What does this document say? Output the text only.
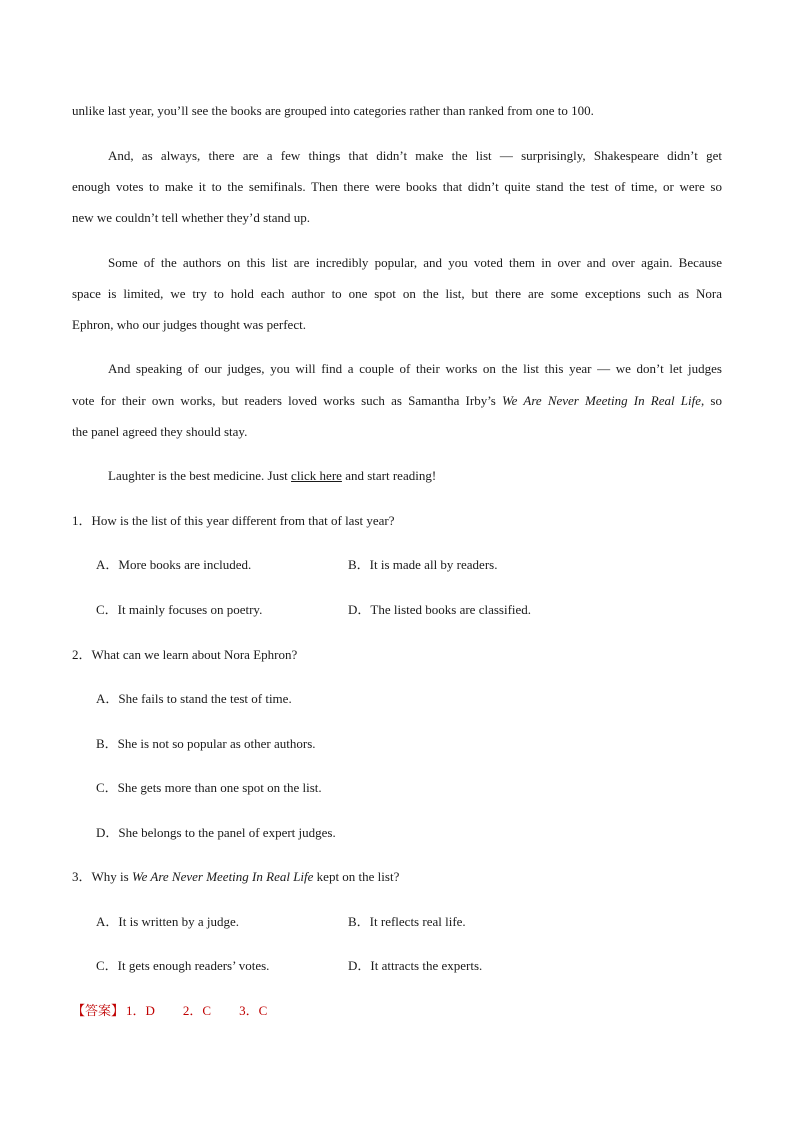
unlike last year, you’ll see the books are grouped into categories rather than ranked from one to 100.
And, as always, there are a few things that didn’t make the list — surprisingly, Shakespeare didn’t get
enough votes to make it to the semifinals. Then there were books that didn’t quite stand the test of time, or were so
new we couldn’t tell whether they’d stand up.
Some of the authors on this list are incredibly popular, and you voted them in over and over again. Because
space is limited, we try to hold each author to one spot on the list, but there are some exceptions such as Nora
Ephron, who our judges thought was perfect.
And speaking of our judges, you will find a couple of their works on the list this year — we don’t let judges
vote for their own works, but readers loved works such as Samantha Irby’s We Are Never Meeting In Real Life, so
the panel agreed they should stay.
Laughter is the best medicine. Just click here and start reading!
1．How is the list of this year different from that of last year?
A．More books are included.	B．It is made all by readers.
C．It mainly focuses on poetry.	D．The listed books are classified.
2．What can we learn about Nora Ephron?
A．She fails to stand the test of time.
B．She is not so popular as other authors.
C．She gets more than one spot on the list.
D．She belongs to the panel of expert judges.
3．Why is We Are Never Meeting In Real Life kept on the list?
A．It is written by a judge.	B．It reflects real life.
C．It gets enough readers’ votes.	D．It attracts the experts.
【答案】 1．D 2．C 3．C
